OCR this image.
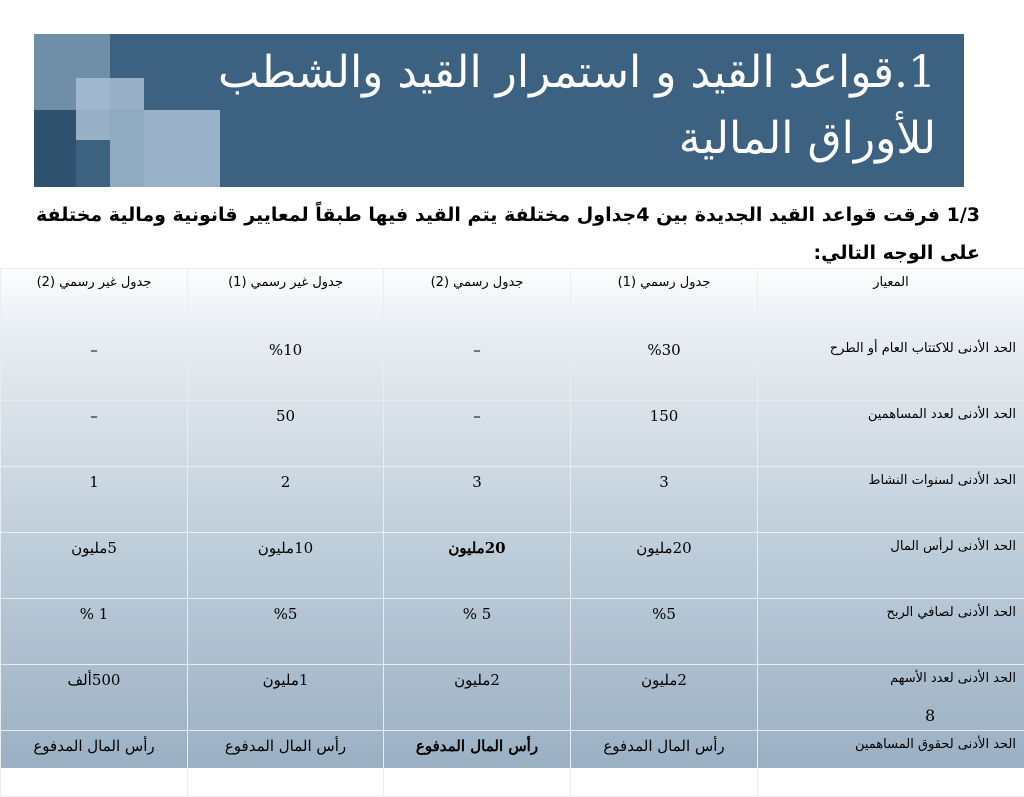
1.قواعد القيد و استمرار القيد والشطب
للأوراق المالية
1/3 فرقت قواعد القيد الجديدة بين 4جداول مختلفة يتم القيد فيها طبقاً لمعايير قانونية ومالية مختلفة على الوجه التالي:
المعيار	جدول رسمي (1)	جدول رسمي (2)	جدول غير رسمي (1)	جدول غير رسمي (2)
الحد الأدنى للاكتتاب العام أو الطرح	%30	–	%10	–
الحد الأدنى لعدد المساهمين	150	–	50	–
الحد الأدنى لسنوات النشاط	3	3	2	1
الحد الأدنى لرأس المال	20مليون	20مليون	10مليون	5مليون
الحد الأدنى لصافي الربح	%5	5 %	%5	1 %
الحد الأدنى لعدد الأسهم	2مليون	2مليون	1مليون	500ألف
الحد الأدنى لحقوق المساهمين	رأس المال المدفوع	رأس المال المدفوع	رأس المال المدفوع	رأس المال المدفوع
8
